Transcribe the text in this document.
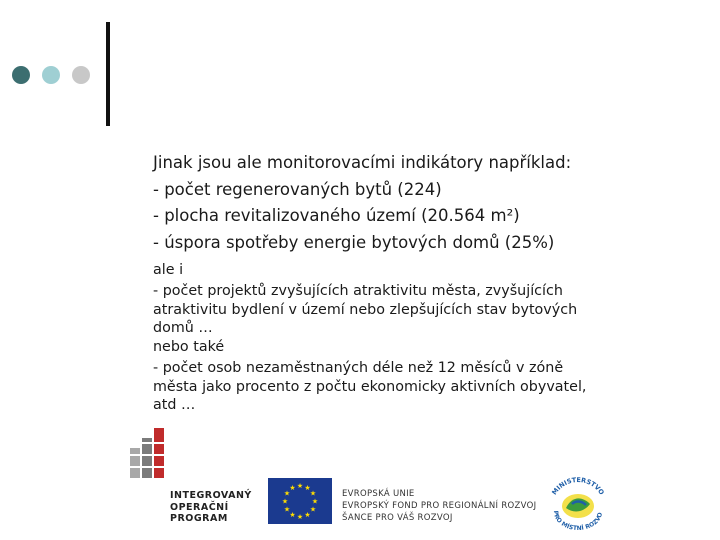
Jinak jsou ale monitorovacími indikátory například:

- počet regenerovaných bytů (224)

- plocha revitalizovaného území (20.564 m²)

- úspora spotřeby energie bytových domů (25%)

ale i

- počet projektů zvyšujících atraktivitu města, zvyšujících

atraktivitu bydlení v území nebo zlepšujících stav bytových

domů …

nebo také

- počet osob nezaměstnaných déle než 12 měsíců v zóně

města jako procento z počtu ekonomicky aktivních obyvatel,

atd …

INTEGROVANÝ
OPERAČNÍ
PROGRAM
★ ★
★
★
★
★
★
★
★
★
★
★
EVROPSKÁ UNIE
EVROPSKÝ FOND PRO REGIONÁLNÍ ROZVOJ
ŠANCE PRO VÁŠ ROZVOJ
MINISTERSTVO
PRO MÍSTNÍ ROZVO
